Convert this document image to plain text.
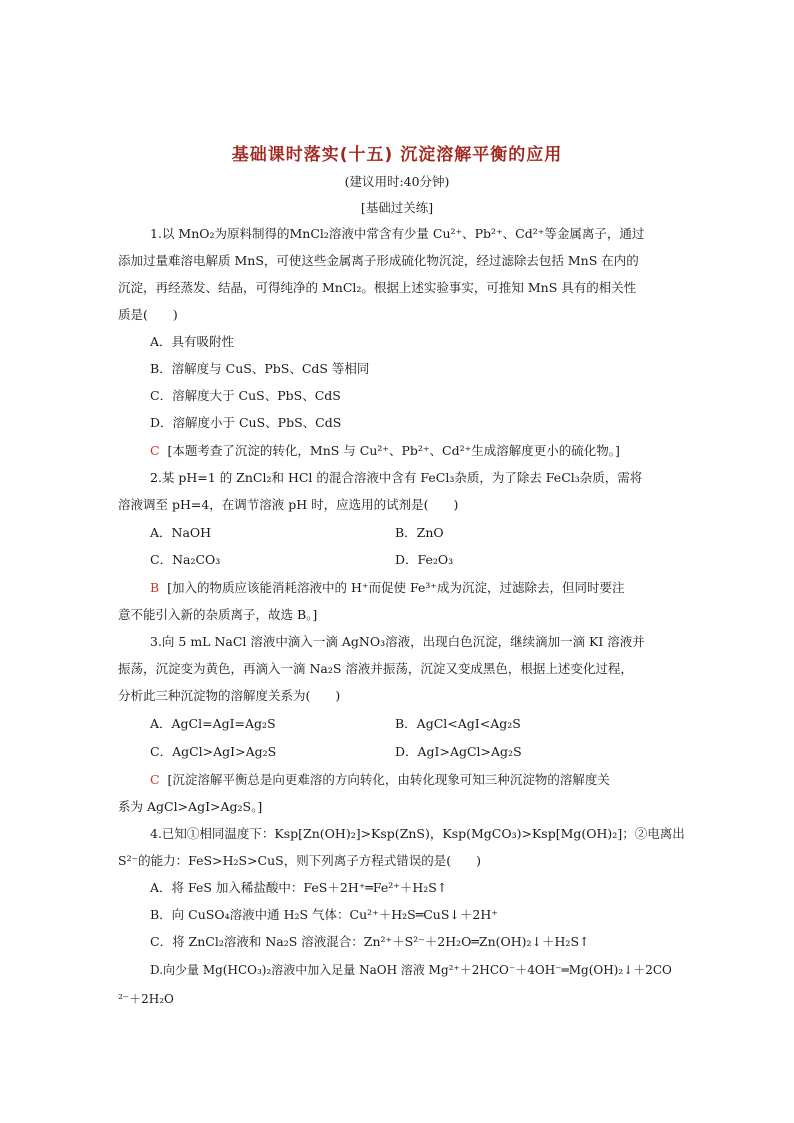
基础课时落实(十五) 沉淀溶解平衡的应用
(建议用时:40分钟)
[基础过关练]
1.以 MnO₂为原料制得的MnCl₂溶液中常含有少量 Cu²⁺、Pb²⁺、Cd²⁺等金属离子，通过
添加过量难溶电解质 MnS，可使这些金属离子形成硫化物沉淀，经过滤除去包括 MnS 在内的
沉淀，再经蒸发、结晶，可得纯净的 MnCl₂。根据上述实验事实，可推知 MnS 具有的相关性
质是(　　)
A．具有吸附性
B．溶解度与 CuS、PbS、CdS 等相同
C．溶解度大于 CuS、PbS、CdS
D．溶解度小于 CuS、PbS、CdS
C [本题考查了沉淀的转化，MnS 与 Cu²⁺、Pb²⁺、Cd²⁺生成溶解度更小的硫化物。]
2.某 pH=1 的 ZnCl₂和 HCl 的混合溶液中含有 FeCl₃杂质，为了除去 FeCl₃杂质，需将
溶液调至 pH=4，在调节溶液 pH 时，应选用的试剂是(　　)
A．NaOH	B．ZnO
C．Na₂CO₃	D．Fe₂O₃
B [加入的物质应该能消耗溶液中的 H⁺而促使 Fe³⁺成为沉淀，过滤除去，但同时要注
意不能引入新的杂质离子，故选 B。]
3.向 5 mL NaCl 溶液中滴入一滴 AgNO₃溶液，出现白色沉淀，继续滴加一滴 KI 溶液并
振荡，沉淀变为黄色，再滴入一滴 Na₂S 溶液并振荡，沉淀又变成黑色，根据上述变化过程，
分析此三种沉淀物的溶解度关系为(　　)
A．AgCl=AgI=Ag₂S	B．AgCl<AgI<Ag₂S
C．AgCl>AgI>Ag₂S	D．AgI>AgCl>Ag₂S
C [沉淀溶解平衡总是向更难溶的方向转化，由转化现象可知三种沉淀物的溶解度关
系为 AgCl>AgI>Ag₂S。]
4.已知①相同温度下：Ksp[Zn(OH)₂]>Ksp(ZnS)，Ksp(MgCO₃)>Ksp[Mg(OH)₂]；②电离出
S²⁻的能力：FeS>H₂S>CuS，则下列离子方程式错误的是(　　)
A．将 FeS 加入稀盐酸中：FeS＋2H⁺═Fe²⁺＋H₂S↑
B．向 CuSO₄溶液中通 H₂S 气体：Cu²⁺＋H₂S═CuS↓＋2H⁺
C．将 ZnCl₂溶液和 Na₂S 溶液混合：Zn²⁺＋S²⁻＋2H₂O═Zn(OH)₂↓＋H₂S↑
D.向少量 Mg(HCO₃)₂溶液中加入足量 NaOH 溶液 Mg²⁺＋2HCO⁻＋4OH⁻═Mg(OH)₂↓＋2CO
²⁻＋2H₂O
